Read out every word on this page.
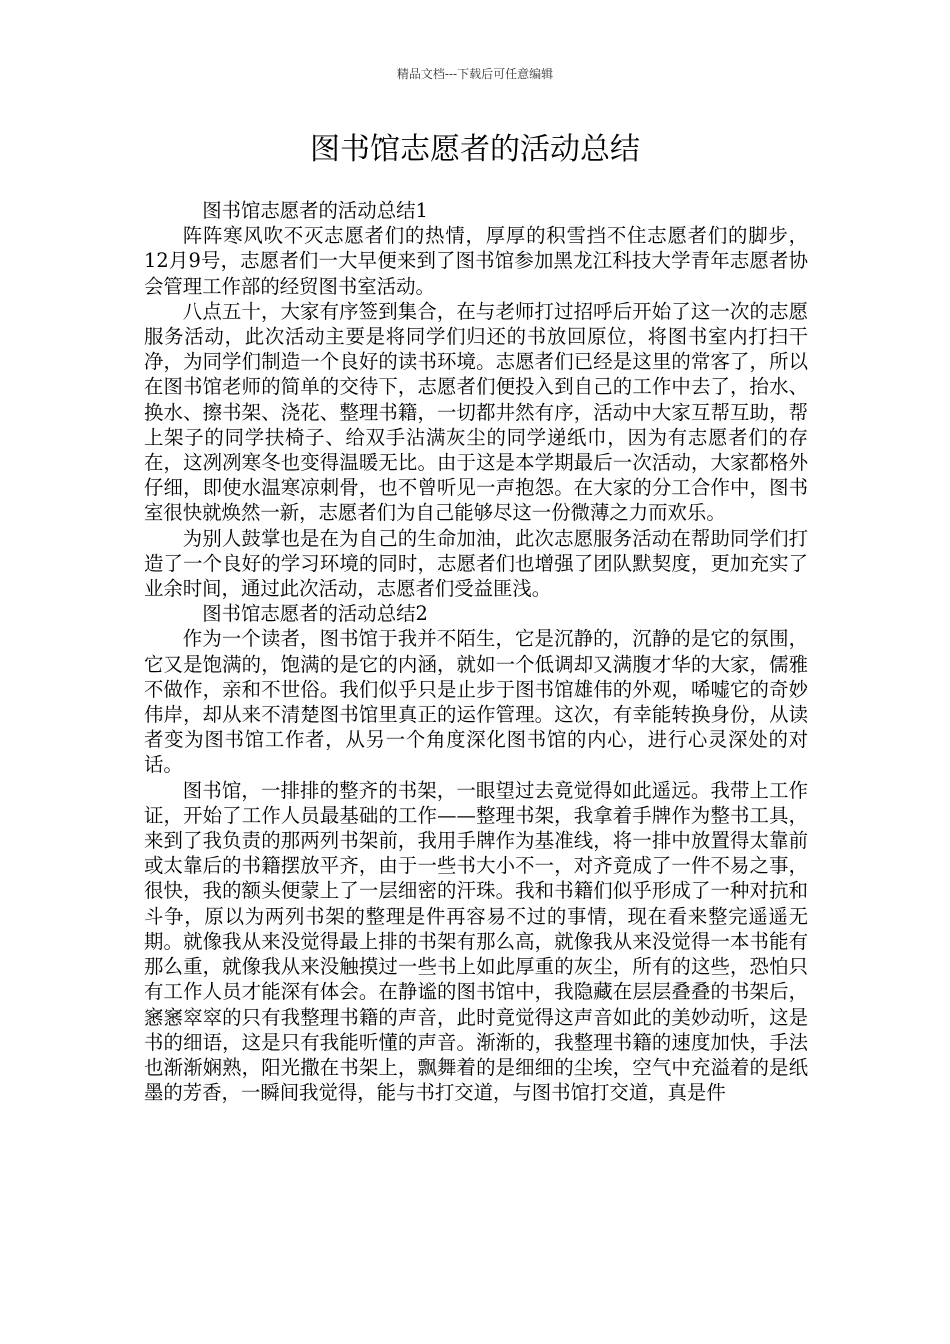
精品文档---下载后可任意编辑
图书馆志愿者的活动总结

图书馆志愿者的活动总结1

阵阵寒风吹不灭志愿者们的热情，厚厚的积雪挡不住志愿者们的脚步，12月9号，志愿者们一大早便来到了图书馆参加黑龙江科技大学青年志愿者协会管理工作部的经贸图书室活动。

八点五十，大家有序签到集合，在与老师打过招呼后开始了这一次的志愿服务活动，此次活动主要是将同学们归还的书放回原位，将图书室内打扫干净，为同学们制造一个良好的读书环境。志愿者们已经是这里的常客了，所以在图书馆老师的简单的交待下，志愿者们便投入到自己的工作中去了，抬水、换水、擦书架、浇花、整理书籍，一切都井然有序，活动中大家互帮互助，帮上架子的同学扶椅子、给双手沾满灰尘的同学递纸巾，因为有志愿者们的存在，这冽冽寒冬也变得温暖无比。由于这是本学期最后一次活动，大家都格外仔细，即使水温寒凉刺骨，也不曾听见一声抱怨。在大家的分工合作中，图书室很快就焕然一新，志愿者们为自己能够尽这一份微薄之力而欢乐。

为别人鼓掌也是在为自己的生命加油，此次志愿服务活动在帮助同学们打造了一个良好的学习环境的同时，志愿者们也增强了团队默契度，更加充实了业余时间，通过此次活动，志愿者们受益匪浅。

图书馆志愿者的活动总结2

作为一个读者，图书馆于我并不陌生，它是沉静的，沉静的是它的氛围，它又是饱满的，饱满的是它的内涵，就如一个低调却又满腹才华的大家，儒雅不做作，亲和不世俗。我们似乎只是止步于图书馆雄伟的外观，唏嘘它的奇妙伟岸，却从来不清楚图书馆里真正的运作管理。这次，有幸能转换身份，从读者变为图书馆工作者，从另一个角度深化图书馆的内心，进行心灵深处的对话。

图书馆，一排排的整齐的书架，一眼望过去竟觉得如此遥远。我带上工作证，开始了工作人员最基础的工作——整理书架，我拿着手牌作为整书工具，来到了我负责的那两列书架前，我用手牌作为基准线，将一排中放置得太靠前或太靠后的书籍摆放平齐，由于一些书大小不一，对齐竟成了一件不易之事，很快，我的额头便蒙上了一层细密的汗珠。我和书籍们似乎形成了一种对抗和斗争，原以为两列书架的整理是件再容易不过的事情，现在看来整完遥遥无期。就像我从来没觉得最上排的书架有那么高，就像我从来没觉得一本书能有那么重，就像我从来没触摸过一些书上如此厚重的灰尘，所有的这些，恐怕只有工作人员才能深有体会。在静谧的图书馆中，我隐藏在层层叠叠的书架后，窸窸窣窣的只有我整理书籍的声音，此时竟觉得这声音如此的美妙动听，这是书的细语，这是只有我能听懂的声音。渐渐的，我整理书籍的速度加快，手法也渐渐娴熟，阳光撒在书架上，飘舞着的是细细的尘埃，空气中充溢着的是纸墨的芳香，一瞬间我觉得，能与书打交道，与图书馆打交道，真是件
